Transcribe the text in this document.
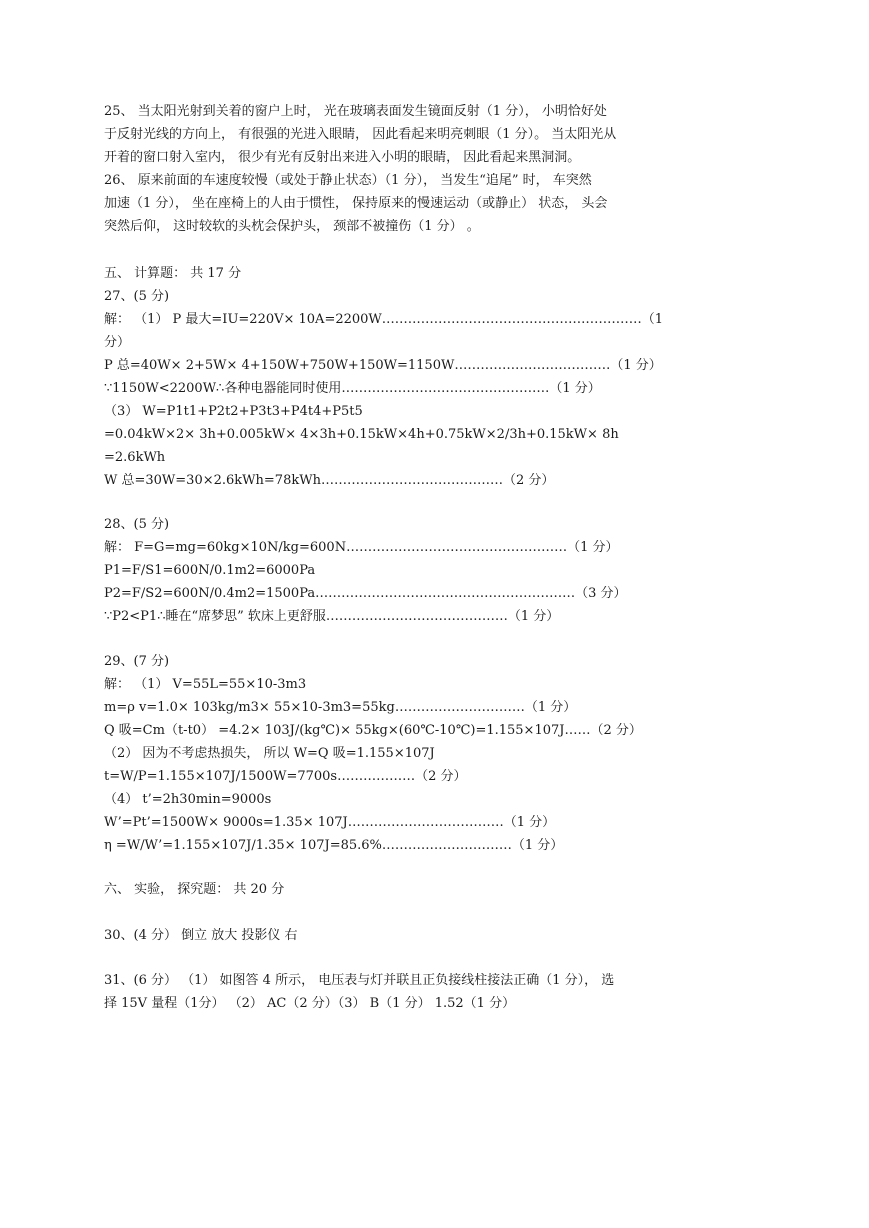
25、 当太阳光射到关着的窗户上时， 光在玻璃表面发生镜面反射（1 分）， 小明恰好处
于反射光线的方向上， 有很强的光进入眼睛， 因此看起来明亮刺眼（1 分）。 当太阳光从
开着的窗口射入室内， 很少有光有反射出来进入小明的眼睛， 因此看起来黑洞洞。
26、 原来前面的车速度较慢（或处于静止状态）（1 分）， 当发生“追尾” 时， 车突然
加速（1 分）， 坐在座椅上的人由于惯性， 保持原来的慢速运动（或静止） 状态， 头会
突然后仰， 这时较软的头枕会保护头， 颈部不被撞伤（1 分） 。
五、 计算题： 共 17 分
27、(5 分)
解： （1） P 最大=IU=220V× 10A=2200W……………………………………………………（1
分）
P 总=40W× 2+5W× 4+150W+750W+150W=1150W………………………………（1 分）
∵1150W<2200W∴各种电器能同时使用…………………………………………（1 分）
（3） W=P1t1+P2t2+P3t3+P4t4+P5t5
=0.04kW×2× 3h+0.005kW× 4×3h+0.15kW×4h+0.75kW×2/3h+0.15kW× 8h
=2.6kWh
W 总=30W=30×2.6kWh=78kWh……………………………………（2 分）
28、(5 分)
解： F=G=mg=60kg×10N/kg=600N……………………………………………（1 分）
P1=F/S1=600N/0.1m2=6000Pa
P2=F/S2=600N/0.4m2=1500Pa……………………………………………………（3 分）
∵P2<P1∴睡在“席梦思” 软床上更舒服……………………………………（1 分）
29、(7 分)
解： （1） V=55L=55×10-3m3
m=ρ v=1.0× 103kg/m3× 55×10-3m3=55kg…………………………（1 分）
Q 吸=Cm（t-t0） =4.2× 103J/(kg℃)× 55kg×(60℃-10℃)=1.155×107J……（2 分）
（2） 因为不考虑热损失， 所以 W=Q 吸=1.155×107J
t=W/P=1.155×107J/1500W=7700s………………（2 分）
（4） t’=2h30min=9000s
W’=Pt’=1500W× 9000s=1.35× 107J………………………………（1 分）
η =W/W’=1.155×107J/1.35× 107J=85.6%…………………………（1 分）
六、 实验， 探究题： 共 20 分
30、(4 分） 倒立 放大 投影仪 右
31、(6 分） （1） 如图答 4 所示， 电压表与灯并联且正负接线柱接法正确（1 分）， 选
择 15V 量程（1分） （2） AC（2 分）（3） B（1 分） 1.52（1 分）
